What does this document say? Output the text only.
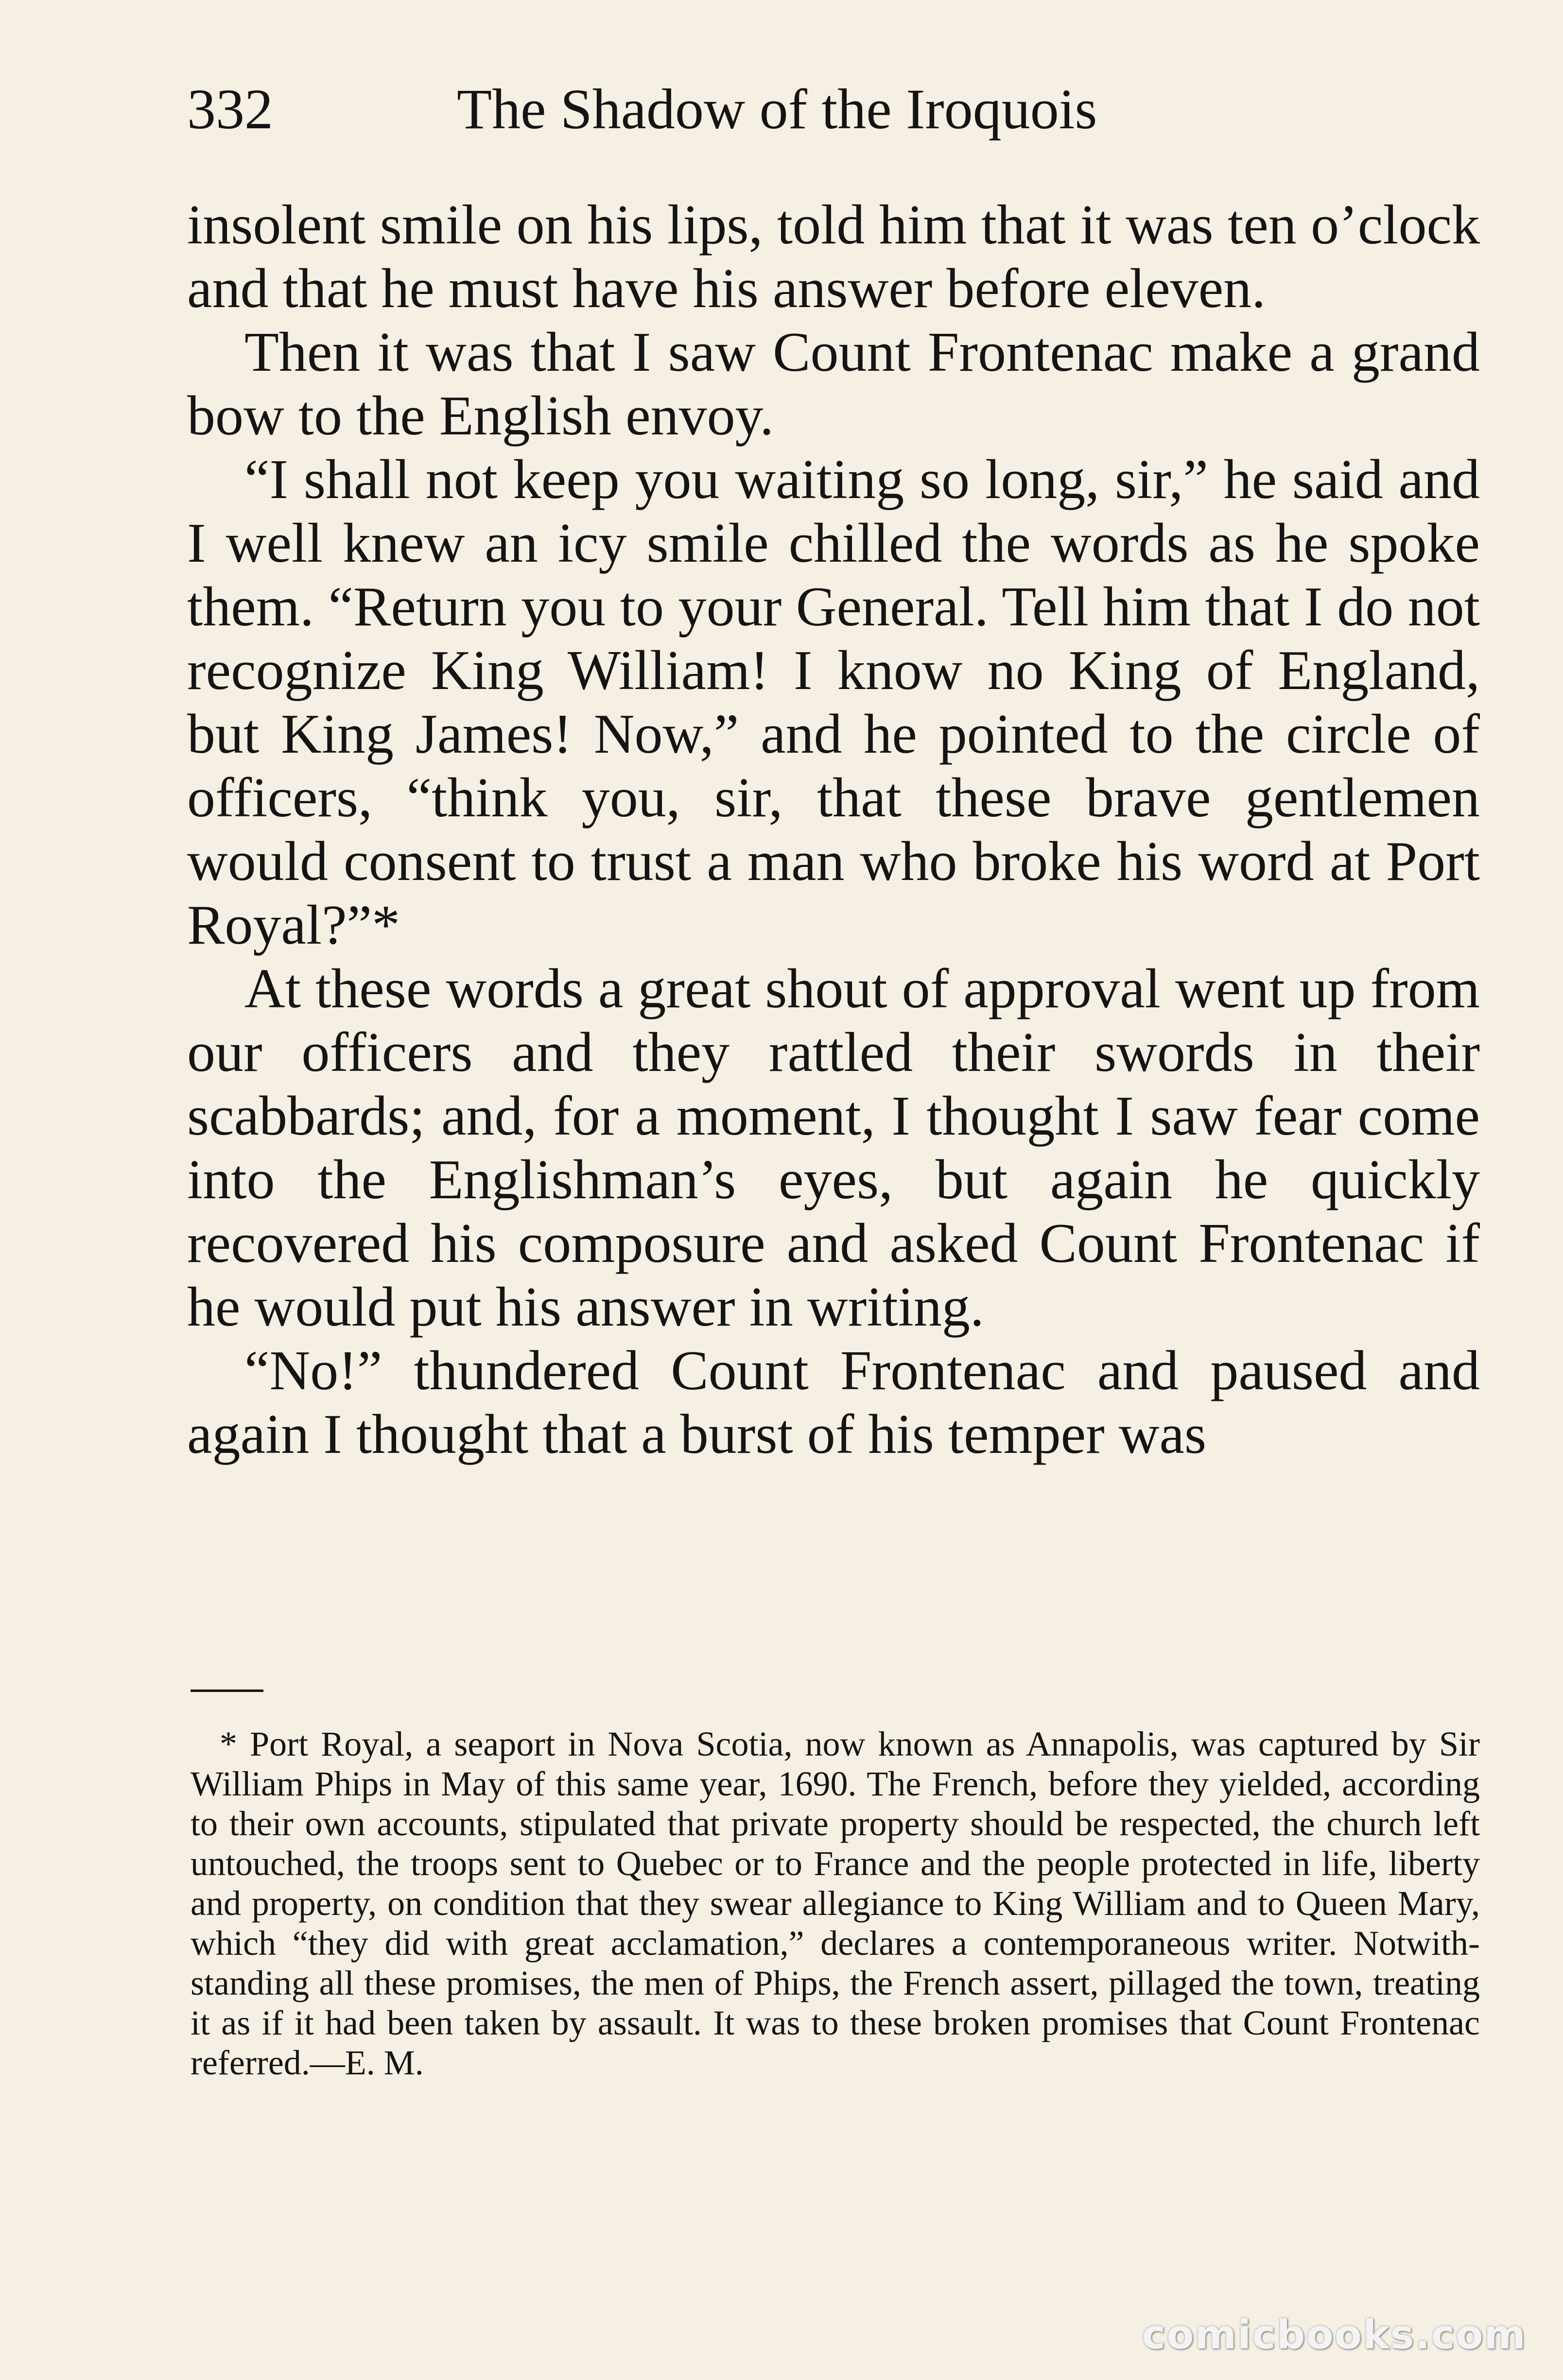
332	The Shadow of the Iroquois

insolent smile on his lips, told him that it was ten o’clock and that he must have his answer before eleven.

Then it was that I saw Count Frontenac make a grand bow to the English envoy.

“I shall not keep you waiting so long, sir,” he said and I well knew an icy smile chilled the words as he spoke them. “Return you to your General. Tell him that I do not recognize King William! I know no King of England, but King James! Now,” and he pointed to the circle of officers, “think you, sir, that these brave gentlemen would consent to trust a man who broke his word at Port Royal?”*

At these words a great shout of approval went up from our officers and they rattled their swords in their scabbards; and, for a moment, I thought I saw fear come into the Englishman’s eyes, but again he quickly recovered his composure and asked Count Frontenac if he would put his answer in writing.

“No!” thundered Count Frontenac and paused and again I thought that a burst of his temper was

* Port Royal, a seaport in Nova Scotia, now known as Annapolis, was captured by Sir William Phips in May of this same year, 1690. The French, before they yielded, according to their own accounts, stipulated that private property should be respected, the church left untouched, the troops sent to Quebec or to France and the people protected in life, liberty and property, on condition that they swear allegiance to King William and to Queen Mary, which “they did with great acclamation,” declares a contemporaneous writer. Notwithstanding all these promises, the men of Phips, the French assert, pillaged the town, treating it as if it had been taken by assault. It was to these broken promises that Count Frontenac referred.—E. M.

comicbooks.com
